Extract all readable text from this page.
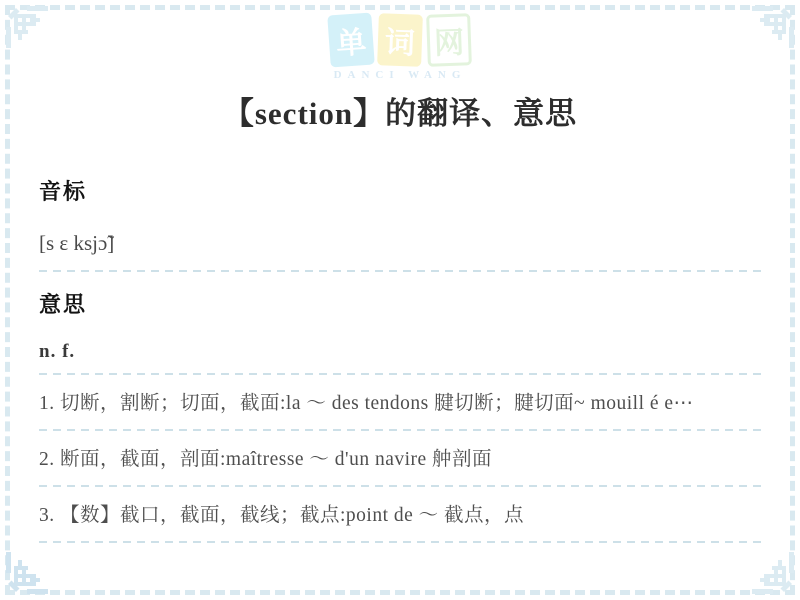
单 词 网
DANCI WANG
【section】的翻译、意思
音标

[s ɛ ksjɔ̃]

意思

n. f.

1. 切断，割断；切面，截面:la ～ des tendons 腱切断；腱切面~ mouill é e⋯

2. 断面，截面，剖面:maîtresse ～ d'un navire 舯剖面

3. 【数】截口，截面，截线；截点:point de ～ 截点，点
